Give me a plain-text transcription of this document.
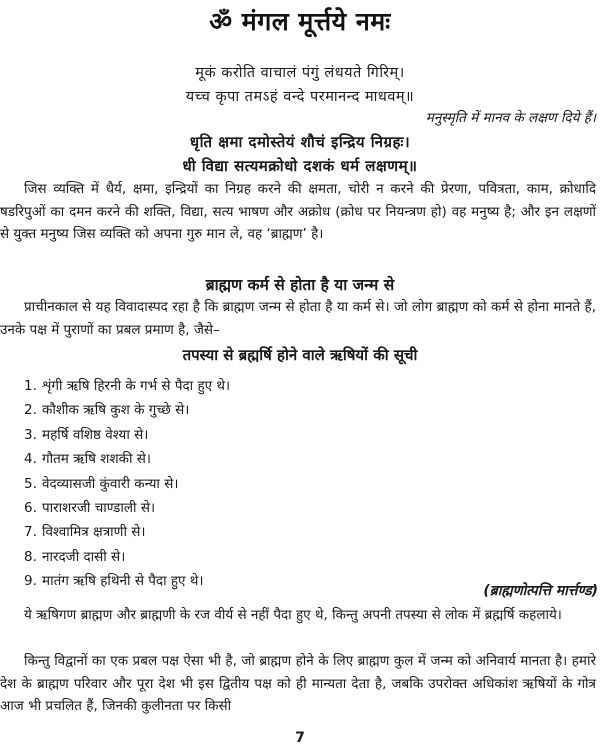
ॐ मंगल मूर्त्तये नमः
मूकं करोति वाचालं पंगुं लंधयते गिरिम्।
यच्च कृपा तमऽहं वन्दे परमानन्द माधवम्॥
मनुस्मृति में मानव के लक्षण दिये हैं।
धृति क्षमा दमोस्तेयं शौचं इन्द्रिय निग्रहः।
धी विद्या सत्यमक्रोधो दशकं धर्म लक्षणम्॥
जिस व्यक्ति में धैर्य, क्षमा, इन्द्रियों का निग्रह करने की क्षमता, चोरी न करने की प्रेरणा, पवित्रता, काम, क्रोधादि षडरिपुओं का दमन करने की शक्ति, विद्या, सत्य भाषण और अक्रोध (क्रोध पर नियन्त्रण हो) वह मनुष्य है; और इन लक्षणों से युक्त मनुष्य जिस व्यक्ति को अपना गुरु मान ले, वह ‘ब्राह्मण’ है।
ब्राह्मण कर्म से होता है या जन्म से
प्राचीनकाल से यह विवादास्पद रहा है कि ब्राह्मण जन्म से होता है या कर्म से। जो लोग ब्राह्मण को कर्म से होना मानते हैं, उनके पक्ष में पुराणों का प्रबल प्रमाण है, जैसे–
तपस्या से ब्रह्मर्षि होने वाले ऋषियों की सूची
1. शृंगी ऋषि हिरनी के गर्भ से पैदा हुए थे।
2. कौशीक ऋषि कुश के गुच्छे से।
3. महर्षि वशिष्ठ वेश्या से।
4. गौतम ऋषि शशकी से।
5. वेदव्यासजी कुंवारी कन्या से।
6. पाराशरजी चाण्डाली से।
7. विश्वामित्र क्षत्राणी से।
8. नारदजी दासी से।
9. मातंग ऋषि हथिनी से पैदा हुए थे।
(ब्राह्मणोत्पत्ति मार्त्तण्ड)
ये ऋषिगण ब्राह्मण और ब्राह्मणी के रज वीर्य से नहीं पैदा हुए थे, किन्तु अपनी तपस्या से लोक में ब्रह्मर्षि कहलाये।
किन्तु विद्वानों का एक प्रबल पक्ष ऐसा भी है, जो ब्राह्मण होने के लिए ब्राह्मण कुल में जन्म को अनिवार्य मानता है। हमारे देश के ब्राह्मण परिवार और पूरा देश भी इस द्वितीय पक्ष को ही मान्यता देता है, जबकि उपरोक्त अधिकांश ऋषियों के गोत्र आज भी प्रचलित हैं, जिनकी कुलीनता पर किसी
7
